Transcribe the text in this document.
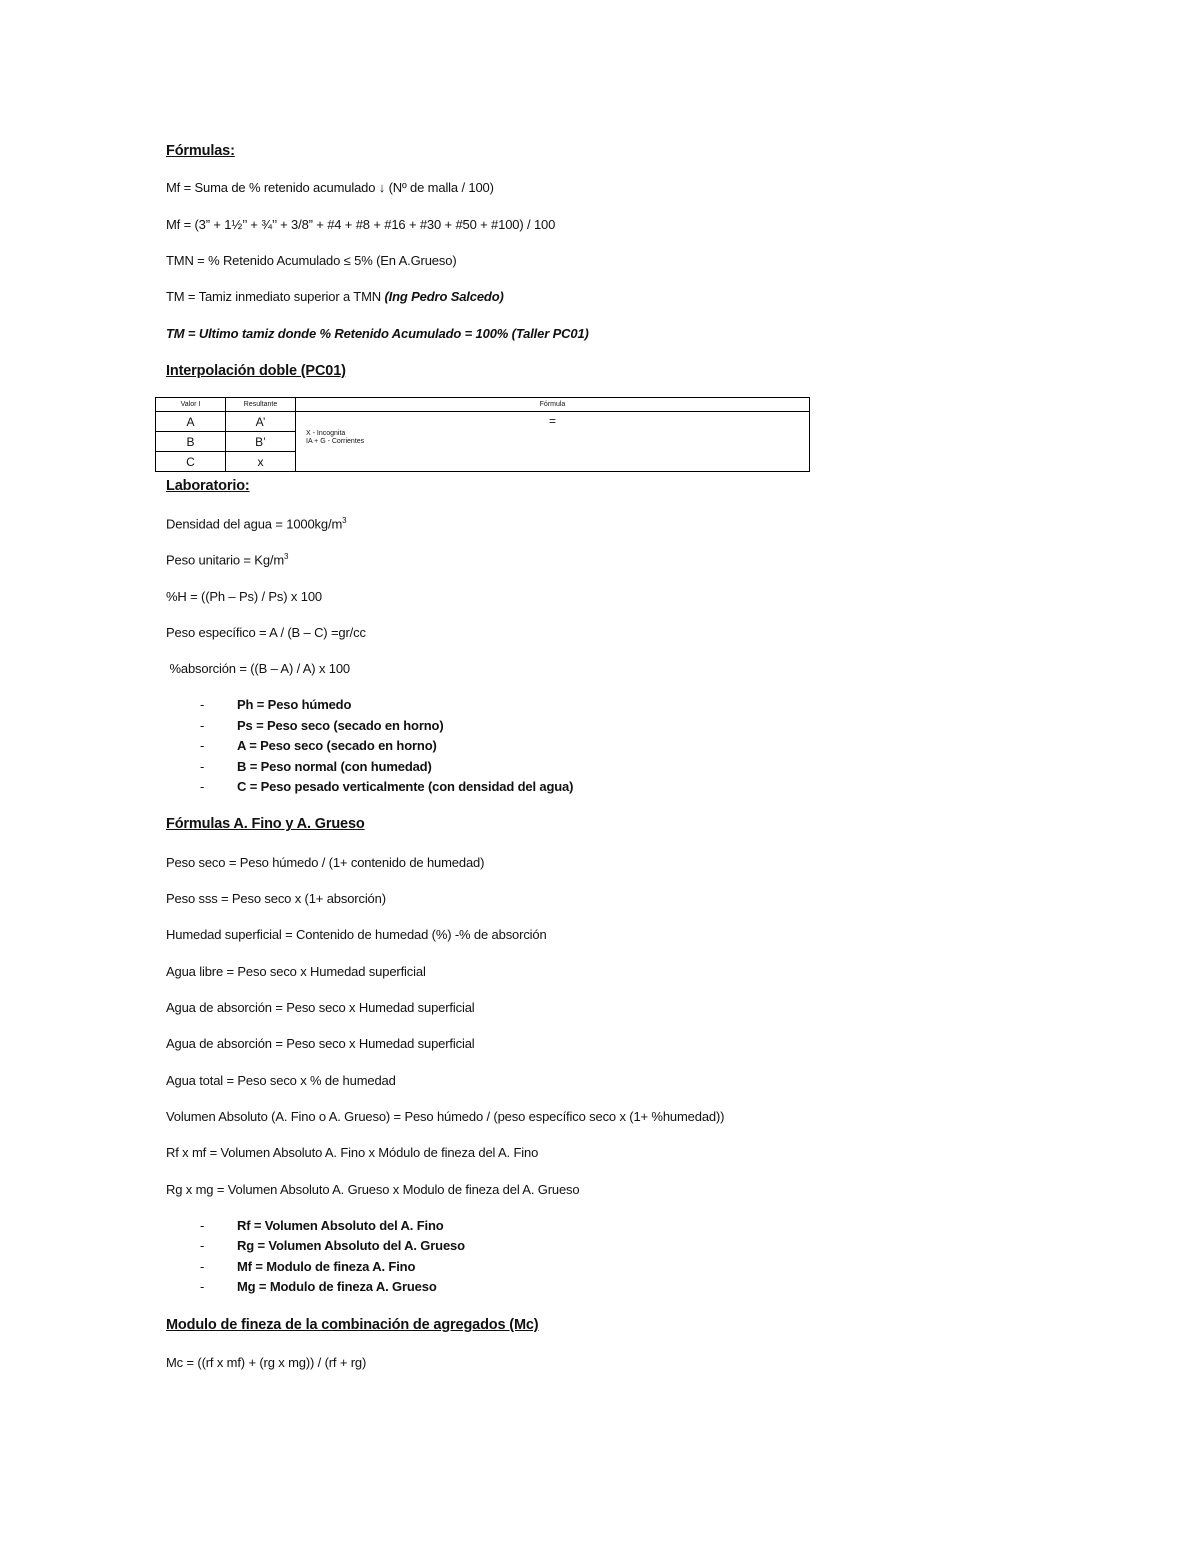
Fórmulas:
Mf = Suma de % retenido acumulado ↓ (Nº de malla / 100)
Mf = (3” + 1½’’ + ¾’’ + 3/8” + #4 + #8 + #16 + #30 + #50 + #100) / 100
TMN = % Retenido Acumulado ≤ 5% (En A.Grueso)
TM = Tamiz inmediato superior a TMN (Ing Pedro Salcedo)
TM = Ultimo tamiz donde % Retenido Acumulado = 100% (Taller PC01)
Interpolación doble (PC01)
Valor I	Resultante	Fórmula
A	A’	=
X - Incognita
IA + G - Corrientes

B	B’	
C	x	
Laboratorio:
Densidad del agua = $1000kg/m^3$
Peso unitario = $Kg/m^3$
%H = ((Ph – Ps) / Ps) x 100
Peso específico = A / (B – C) =gr/cc
%absorción = ((B – A) / A) x 100
-	Ph = Peso húmedo
-	Ps = Peso seco (secado en horno)
-	A = Peso seco (secado en horno)
-	B = Peso normal (con humedad)
-	C = Peso pesado verticalmente (con densidad del agua)
Fórmulas A. Fino y A. Grueso
Peso seco = Peso húmedo / (1+ contenido de humedad)
Peso sss = Peso seco x (1+ absorción)
Humedad superficial = Contenido de humedad (%) -% de absorción
Agua libre = Peso seco x Humedad superficial
Agua de absorción = Peso seco x Humedad superficial
Agua de absorción = Peso seco x Humedad superficial
Agua total = Peso seco x % de humedad
Volumen Absoluto (A. Fino o A. Grueso) = Peso húmedo / (peso específico seco x (1+ %humedad))
Rf x mf = Volumen Absoluto A. Fino x Módulo de fineza del A. Fino
Rg x mg = Volumen Absoluto A. Grueso x Modulo de fineza del A. Grueso
-	Rf = Volumen Absoluto del A. Fino
-	Rg = Volumen Absoluto del A. Grueso
-	Mf = Modulo de fineza A. Fino
-	Mg = Modulo de fineza A. Grueso
Modulo de fineza de la combinación de agregados (Mc)
Mc = ((rf x mf) + (rg x mg)) / (rf + rg)
